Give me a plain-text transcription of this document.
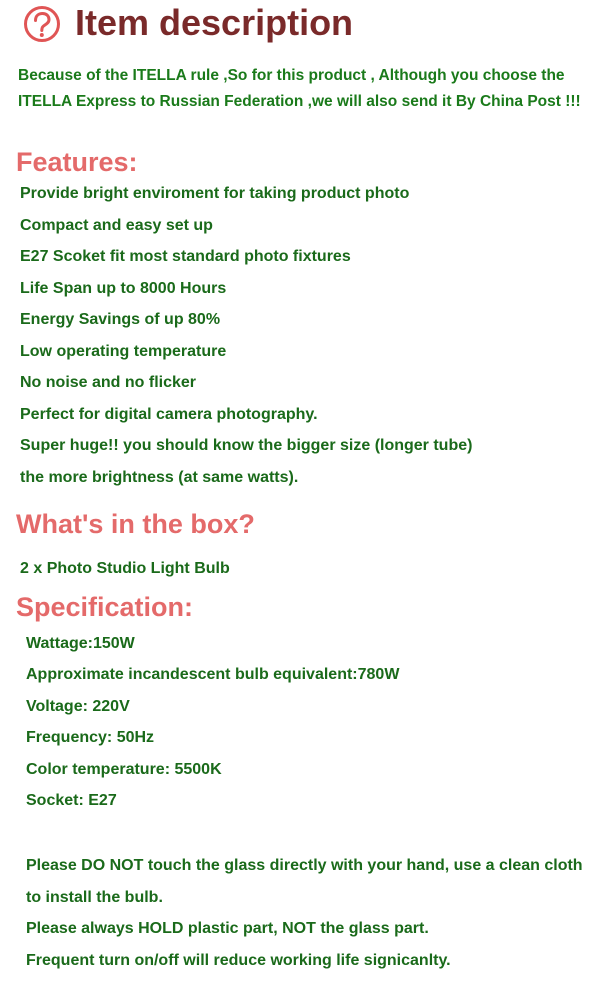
Item description
Because of the ITELLA rule ,So for this product , Although you choose the ITELLA Express to Russian Federation ,we will also send it By China Post !!!
Features:
Provide bright enviroment for taking product photo
Compact and easy set up
E27 Scoket fit most standard photo fixtures
Life Span up to 8000 Hours
Energy Savings of up 80%
Low operating temperature
No noise and no flicker
Perfect for digital camera photography.
Super huge!! you should know the bigger size (longer tube)
the more brightness (at same watts).
What's in the box?
2 x Photo Studio Light Bulb
Specification:
Wattage:150W
Approximate incandescent bulb equivalent:780W
Voltage: 220V
Frequency: 50Hz
Color temperature: 5500K
Socket: E27
Please DO NOT touch the glass directly with your hand, use a clean cloth to install the bulb.
Please always HOLD plastic part, NOT the glass part.
Frequent turn on/off will reduce working life signicanlty.
